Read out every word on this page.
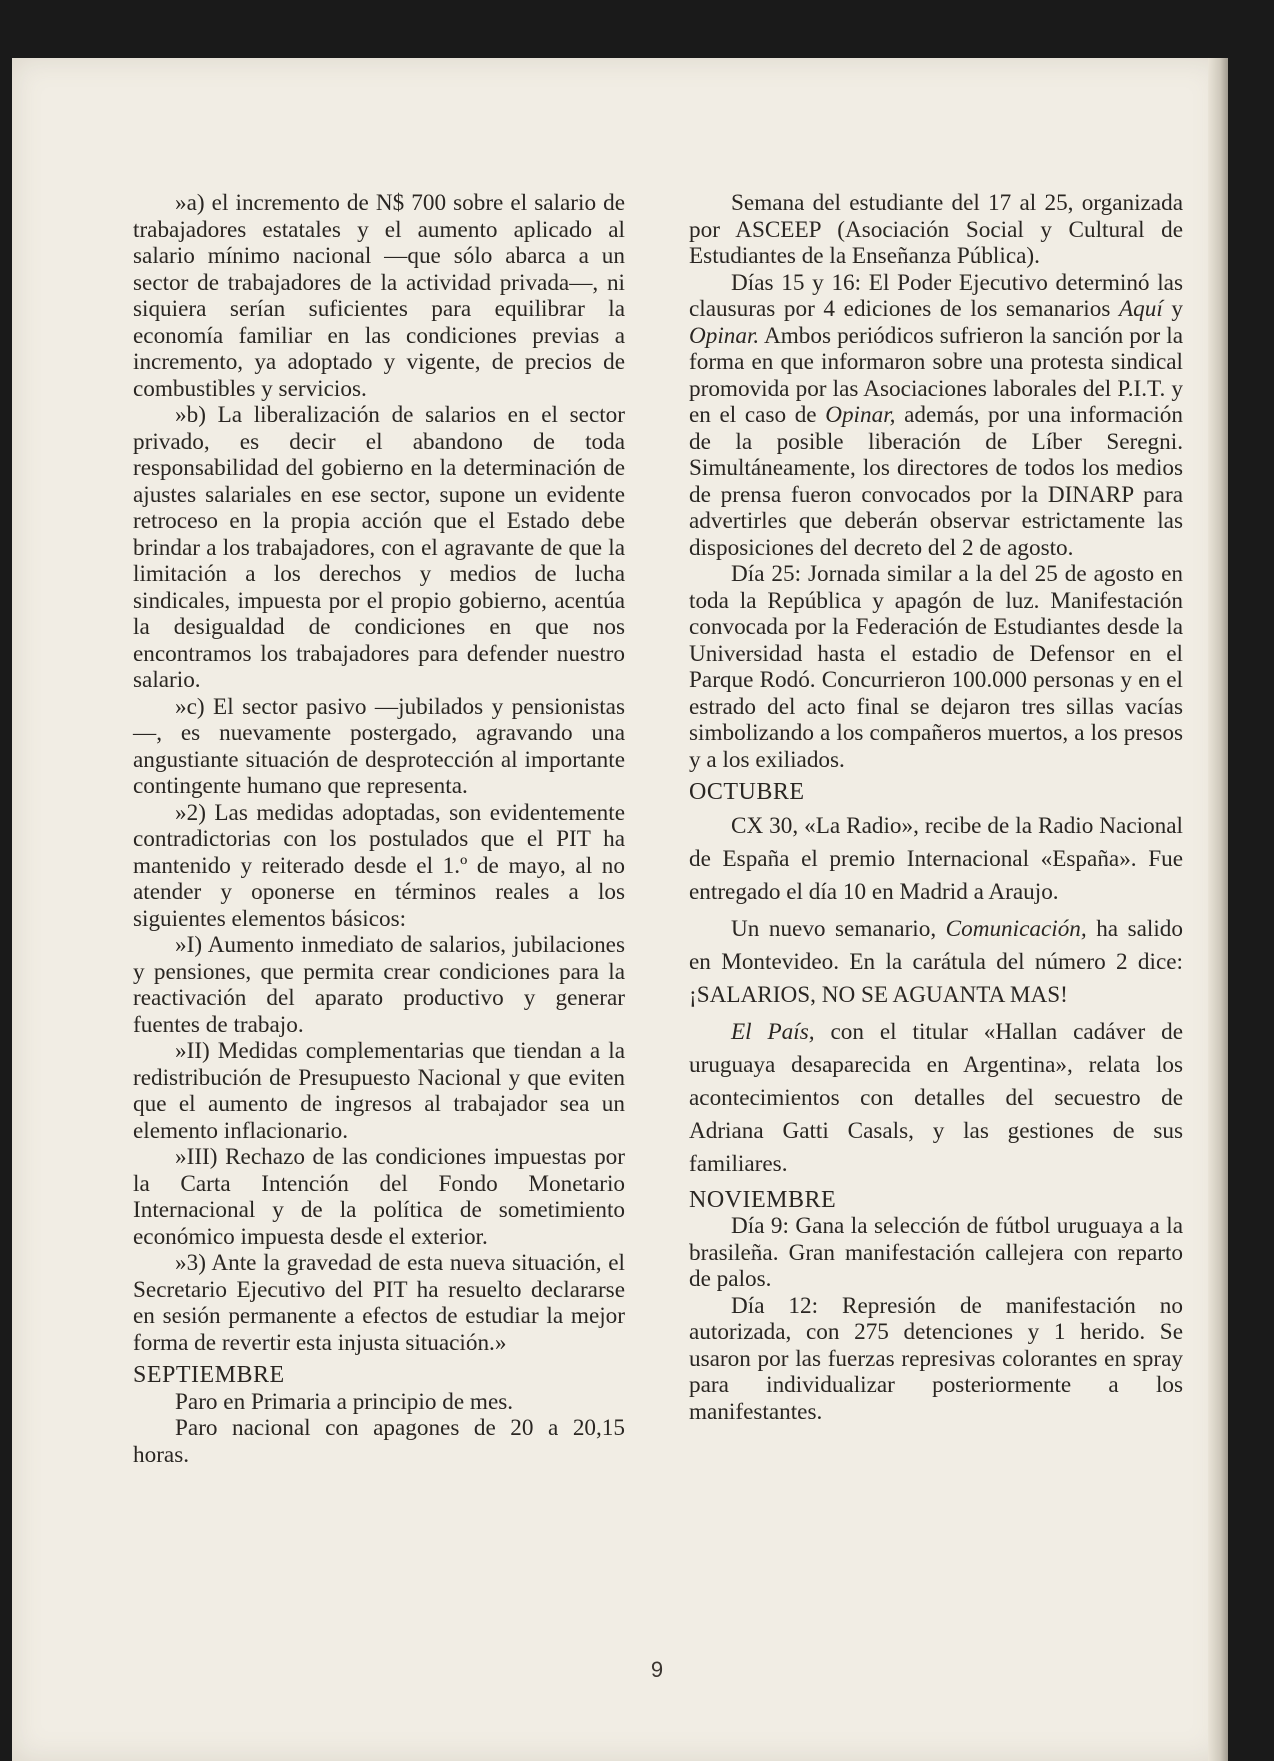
»a) el incremento de N$ 700 sobre el salario de trabajadores estatales y el aumento aplicado al salario mínimo nacional —que sólo abarca a un sector de trabajadores de la actividad privada—, ni siquiera serían suficientes para equilibrar la economía familiar en las condiciones previas a incremento, ya adoptado y vigente, de precios de combustibles y servicios.

»b) La liberalización de salarios en el sector privado, es decir el abandono de toda responsabilidad del gobierno en la determinación de ajustes salariales en ese sector, supone un evidente retroceso en la propia acción que el Estado debe brindar a los trabajadores, con el agravante de que la limitación a los derechos y medios de lucha sindicales, impuesta por el propio gobierno, acentúa la desigualdad de condiciones en que nos encontramos los trabajadores para defender nuestro salario.

»c) El sector pasivo —jubilados y pensionistas—, es nuevamente postergado, agravando una angustiante situación de desprotección al importante contingente humano que representa.

»2) Las medidas adoptadas, son evidentemente contradictorias con los postulados que el PIT ha mantenido y reiterado desde el 1.º de mayo, al no atender y oponerse en términos reales a los siguientes elementos básicos:

»I) Aumento inmediato de salarios, jubilaciones y pensiones, que permita crear condiciones para la reactivación del aparato productivo y generar fuentes de trabajo.

»II) Medidas complementarias que tiendan a la redistribución de Presupuesto Nacional y que eviten que el aumento de ingresos al trabajador sea un elemento inflacionario.

»III) Rechazo de las condiciones impuestas por la Carta Intención del Fondo Monetario Internacional y de la política de sometimiento económico impuesta desde el exterior.

»3) Ante la gravedad de esta nueva situación, el Secretario Ejecutivo del PIT ha resuelto declararse en sesión permanente a efectos de estudiar la mejor forma de revertir esta injusta situación.»

SEPTIEMBRE

Paro en Primaria a principio de mes.

Paro nacional con apagones de 20 a 20,15 horas.

Semana del estudiante del 17 al 25, organizada por ASCEEP (Asociación Social y Cultural de Estudiantes de la Enseñanza Pública).

Días 15 y 16: El Poder Ejecutivo determinó las clausuras por 4 ediciones de los semanarios Aquí y Opinar. Ambos periódicos sufrieron la sanción por la forma en que informaron sobre una protesta sindical promovida por las Asociaciones laborales del P.I.T. y en el caso de Opinar, además, por una información de la posible liberación de Líber Seregni. Simultáneamente, los directores de todos los medios de prensa fueron convocados por la DINARP para advertirles que deberán observar estrictamente las disposiciones del decreto del 2 de agosto.

Día 25: Jornada similar a la del 25 de agosto en toda la República y apagón de luz. Manifestación convocada por la Federación de Estudiantes desde la Universidad hasta el estadio de Defensor en el Parque Rodó. Concurrieron 100.000 personas y en el estrado del acto final se dejaron tres sillas vacías simbolizando a los compañeros muertos, a los presos y a los exiliados.

OCTUBRE

CX 30, «La Radio», recibe de la Radio Nacional de España el premio Internacional «España». Fue entregado el día 10 en Madrid a Araujo.

Un nuevo semanario, Comunicación, ha salido en Montevideo. En la carátula del número 2 dice: ¡SALARIOS, NO SE AGUANTA MAS!

El País, con el titular «Hallan cadáver de uruguaya desaparecida en Argentina», relata los acontecimientos con detalles del secuestro de Adriana Gatti Casals, y las gestiones de sus familiares.

NOVIEMBRE

Día 9: Gana la selección de fútbol uruguaya a la brasileña. Gran manifestación callejera con reparto de palos.

Día 12: Represión de manifestación no autorizada, con 275 detenciones y 1 herido. Se usaron por las fuerzas represivas colorantes en spray para individualizar posteriormente a los manifestantes.

9
